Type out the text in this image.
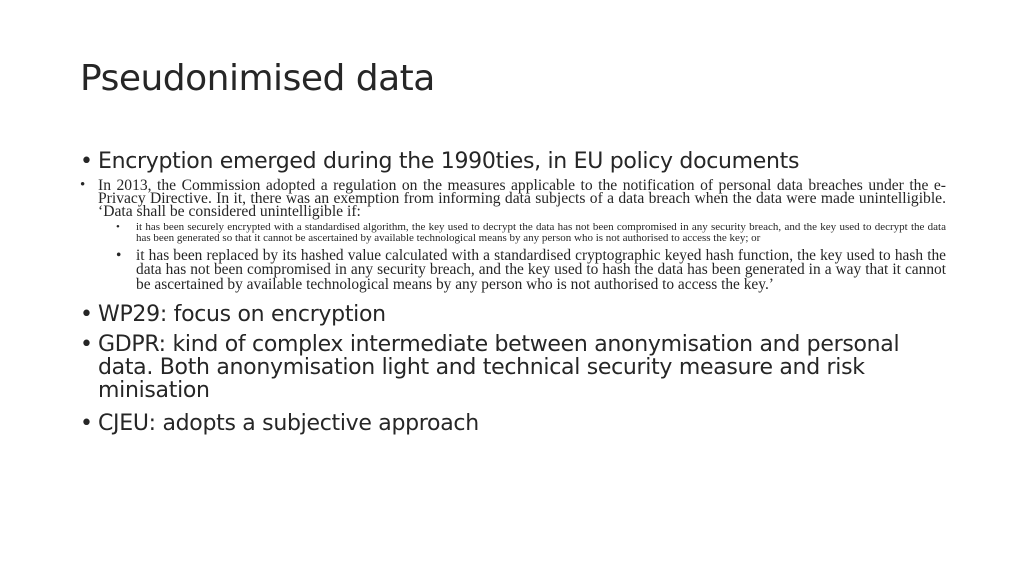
Pseudonimised data
• Encryption emerged during the 1990ties, in EU policy documents
• In 2013, the Commission adopted a regulation on the measures applicable to the notification of personal data breaches under the e-Privacy Directive. In it, there was an exemption from informing data subjects of a data breach when the data were made unintelligible. ‘Data shall be considered unintelligible if:
• it has been securely encrypted with a standardised algorithm, the key used to decrypt the data has not been compromised in any security breach, and the key used to decrypt the data has been generated so that it cannot be ascertained by available technological means by any person who is not authorised to access the key; or
• it has been replaced by its hashed value calculated with a standardised cryptographic keyed hash function, the key used to hash the data has not been compromised in any security breach, and the key used to hash the data has been generated in a way that it cannot be ascertained by available technological means by any person who is not authorised to access the key.’
• WP29: focus on encryption
• GDPR: kind of complex intermediate between anonymisation and personal data. Both anonymisation light and technical security measure and risk minisation
• CJEU: adopts a subjective approach
